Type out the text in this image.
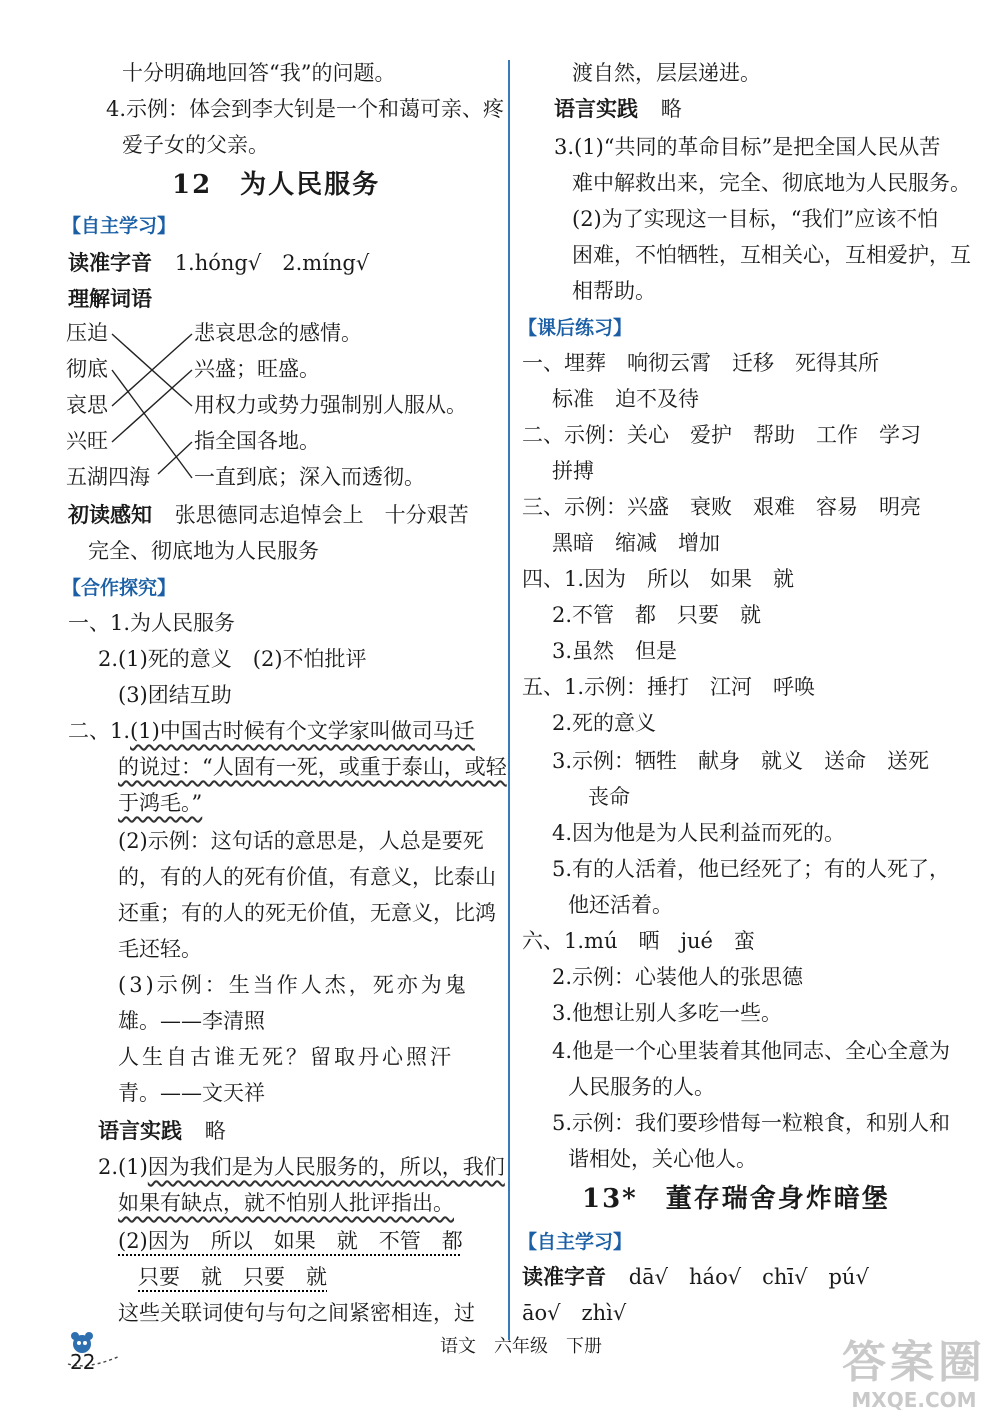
十分明确地回答“我”的问题。
4.示例：体会到李大钊是一个和蔼可亲、疼
爱子女的父亲。
12　为人民服务
【自主学习】
读准字音 1.hóng√　2.míng√
理解词语
压迫
彻底
哀思
兴旺
五湖四海
悲哀思念的感情。
兴盛；旺盛。
用权力或势力强制别人服从。
指全国各地。
一直到底；深入而透彻。
初读感知 张思德同志追悼会上　十分艰苦
完全、彻底地为人民服务
【合作探究】
一、1.为人民服务
2.(1)死的意义　(2)不怕批评
(3)团结互助
二、1.(1)中国古时候有个文学家叫做司马迁
的说过：“人固有一死，或重于泰山，或轻
于鸿毛。”
(2)示例：这句话的意思是，人总是要死
的，有的人的死有价值，有意义，比泰山
还重；有的人的死无价值，无意义，比鸿
毛还轻。
(3)示例：生当作人杰，死亦为鬼
雄。——李清照
人生自古谁无死？留取丹心照汗
青。——文天祥
语言实践 略
2.(1)因为我们是为人民服务的，所以，我们
如果有缺点，就不怕别人批评指出。
(2)因为　所以　如果　就　不管　都
只要　就　只要　就
这些关联词使句与句之间紧密相连，过
渡自然，层层递进。
语言实践 略
3.(1)“共同的革命目标”是把全国人民从苦
难中解救出来，完全、彻底地为人民服务。
(2)为了实现这一目标，“我们”应该不怕
困难，不怕牺牲，互相关心，互相爱护，互
相帮助。
【课后练习】
一、埋葬　响彻云霄　迁移　死得其所
标准　迫不及待
二、示例：关心　爱护　帮助　工作　学习
拼搏
三、示例：兴盛　衰败　艰难　容易　明亮
黑暗　缩减　增加
四、1.因为　所以　如果　就
2.不管　都　只要　就
3.虽然　但是
五、1.示例：捶打　江河　呼唤
2.死的意义
3.示例：牺牲　献身　就义　送命　送死
丧命
4.因为他是为人民利益而死的。
5.有的人活着，他已经死了；有的人死了，
他还活着。
六、1.mú　晒　jué　蛮
2.示例：心装他人的张思德
3.他想让别人多吃一些。
4.他是一个心里装着其他同志、全心全意为
人民服务的人。
5.示例：我们要珍惜每一粒粮食，和别人和
谐相处，关心他人。
13*　董存瑞舍身炸暗堡
【自主学习】
读准字音 dā√　háo√　chī√　pú√
āo√　zhì√
22
语文　六年级　下册	答案圈
MXQE.COM
